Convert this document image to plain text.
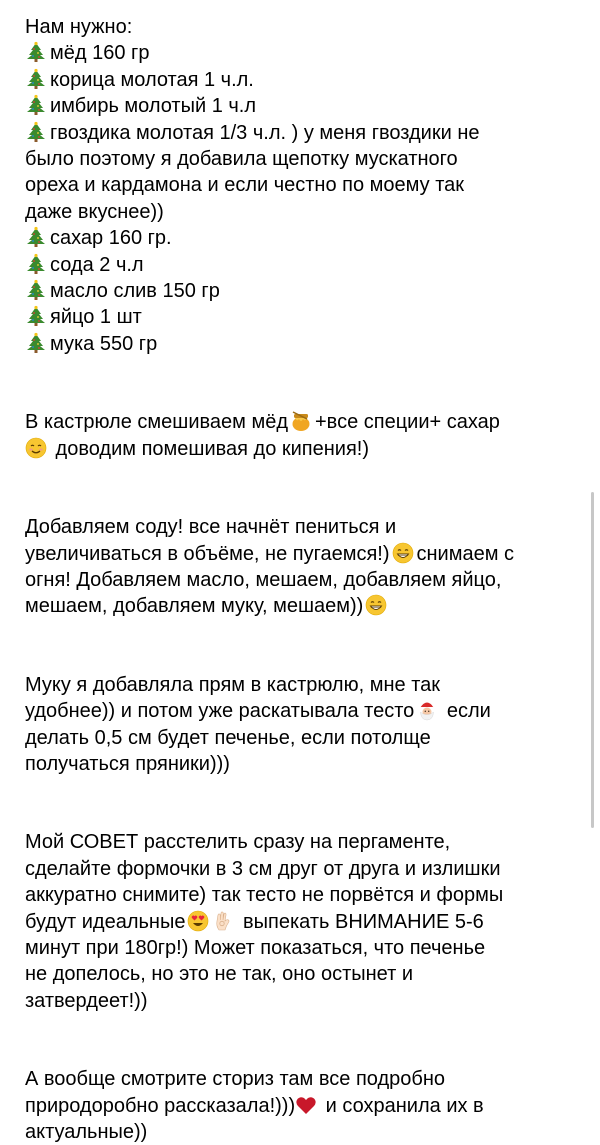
Нам нужно:
мёд 160 гр
корица молотая 1 ч.л.
имбирь молотый 1 ч.л
гвоздика молотая 1/3 ч.л. ) у меня гвоздики не
было поэтому я добавила щепотку мускатного
ореха и кардамона и если честно по моему так
даже вкуснее))
сахар 160 гр.
сода 2 ч.л
масло слив 150 гр
яйцо 1 шт
мука 550 гр
В кастрюле смешиваем мёд +все специи+ сахар
доводим помешивая до кипения!)
Добавляем соду! все начнёт пениться и
увеличиваться в объёме, не пугаемся!) снимаем с
огня! Добавляем масло, мешаем, добавляем яйцо,
мешаем, добавляем муку, мешаем))
Муку я добавляла прям в кастрюлю, мне так
удобнее)) и потом уже раскатывала тесто
если
делать 0,5 см будет печенье, если потолще
получаться пряники)))
Мой СОВЕТ расстелить сразу на пергаменте,
сделайте формочки в 3 см друг от друга и излишки
аккуратно снимите) так тесто не порвётся и формы
будут идеальные	выпекать ВНИМАНИЕ 5-6
минут при 180гр!) Может показаться, что печенье
не допелось, но это не так, оно остынет и
затвердеет!))
А вообще смотрите сториз там все подробно
природоробно рассказала!)))
и сохранила их в
актуальные))
